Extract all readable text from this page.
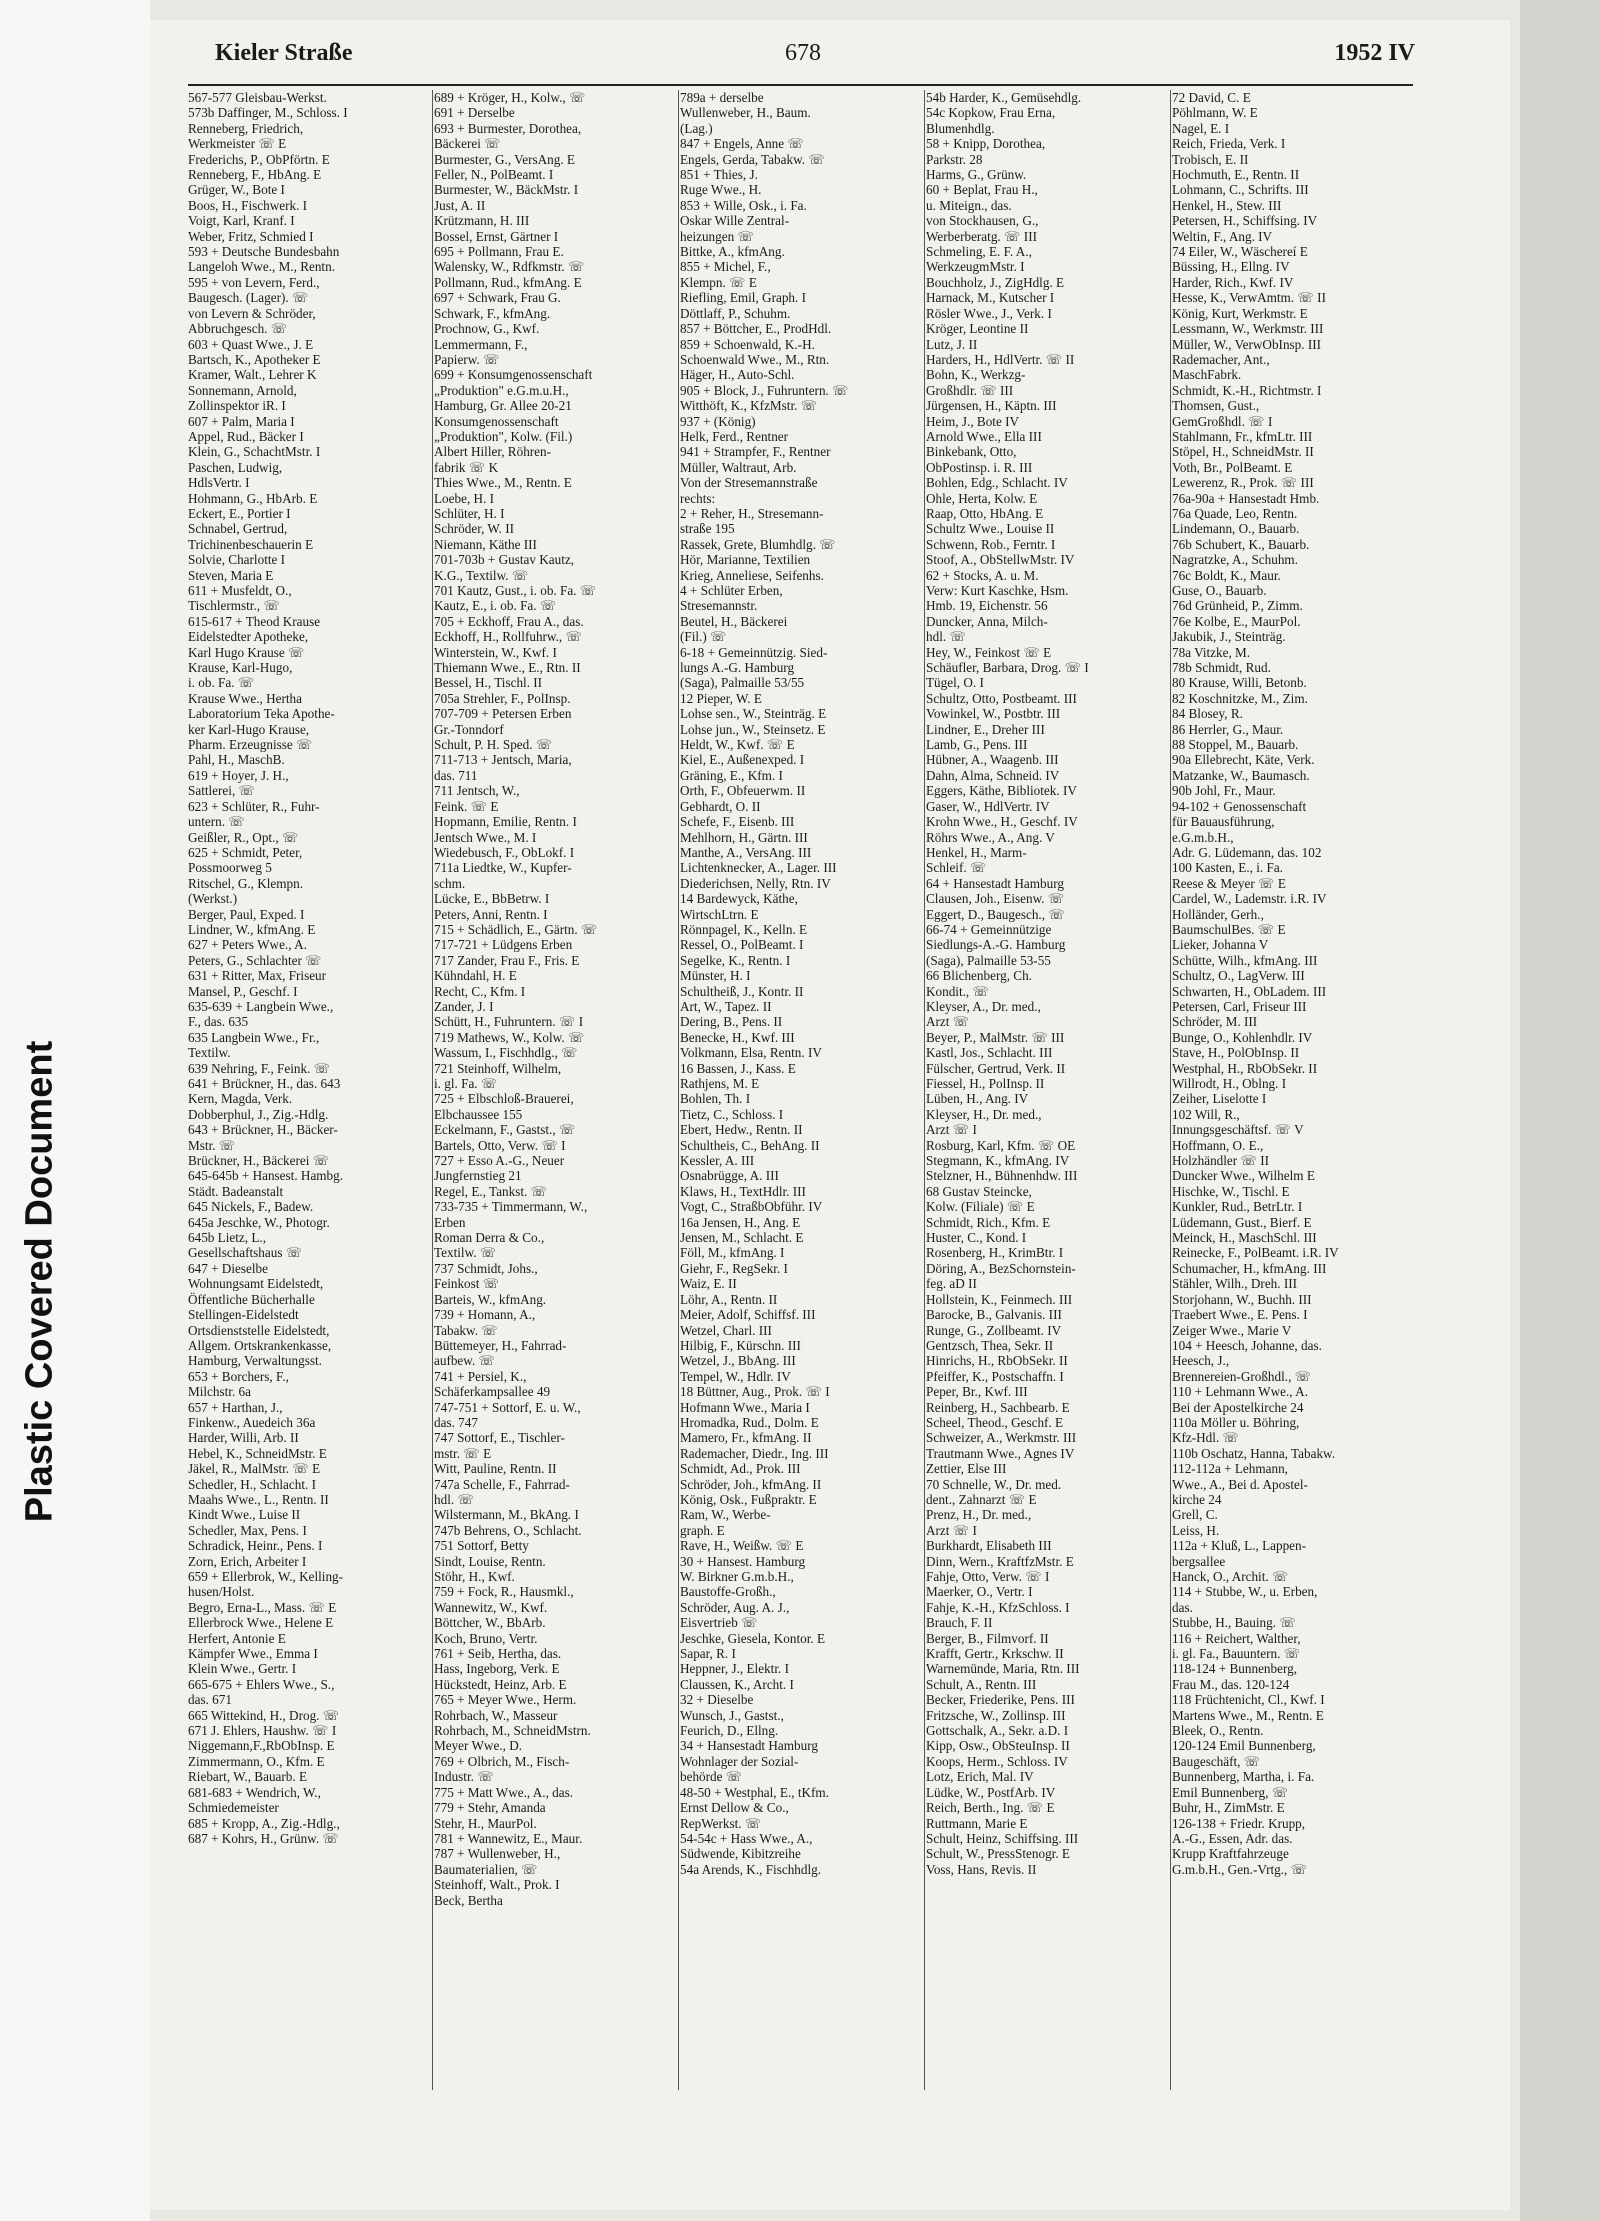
Plastic Covered Document
Kieler Straße	678	1952 IV
567-577 Gleisbau-Werkst.
573b Daffinger, M., Schloss. I
Renneberg, Friedrich,
Werkmeister ☏ E
Frederichs, P., ObPförtn. E
Renneberg, F., HbAng. E
Grüger, W., Bote I
Boos, H., Fischwerk. I
Voigt, Karl, Kranf. I
Weber, Fritz, Schmied I
593 + Deutsche Bundesbahn
Langeloh Wwe., M., Rentn.
595 + von Levern, Ferd.,
Baugesch. (Lager). ☏
von Levern & Schröder,
Abbruchgesch. ☏
603 + Quast Wwe., J. E
Bartsch, K., Apotheker E
Kramer, Walt., Lehrer K
Sonnemann, Arnold,
Zollinspektor iR. I
607 + Palm, Maria I
Appel, Rud., Bäcker I
Klein, G., SchachtMstr. I
Paschen, Ludwig,
HdlsVertr. I
Hohmann, G., HbArb. E
Eckert, E., Portier I
Schnabel, Gertrud,
Trichinenbeschauerin E
Solvie, Charlotte I
Steven, Maria E
611 + Musfeldt, O.,
Tischlermstr., ☏
615-617 + Theod Krause
Eidelstedter Apotheke,
Karl Hugo Krause ☏
Krause, Karl-Hugo,
i. ob. Fa. ☏
Krause Wwe., Hertha
Laboratorium Teka Apothe-
ker Karl-Hugo Krause,
Pharm. Erzeugnisse ☏
Pahl, H., MaschB.
619 + Hoyer, J. H.,
Sattlerei, ☏
623 + Schlüter, R., Fuhr-
untern. ☏
Geißler, R., Opt., ☏
625 + Schmidt, Peter,
Possmoorweg 5
Ritschel, G., Klempn.
(Werkst.)
Berger, Paul, Exped. I
Lindner, W., kfmAng. E
627 + Peters Wwe., A.
Peters, G., Schlachter ☏
631 + Ritter, Max, Friseur
Mansel, P., Geschf. I
635-639 + Langbein Wwe.,
F., das. 635
635 Langbein Wwe., Fr.,
Textilw.
639 Nehring, F., Feink. ☏
641 + Brückner, H., das. 643
Kern, Magda, Verk.
Dobberphul, J., Zig.-Hdlg.
643 + Brückner, H., Bäcker-
Mstr. ☏
Brückner, H., Bäckerei ☏
645-645b + Hansest. Hambg.
Städt. Badeanstalt
645 Nickels, F., Badew.
645a Jeschke, W., Photogr.
645b Lietz, L.,
Gesellschaftshaus ☏
647 + Dieselbe
Wohnungsamt Eidelstedt,
Öffentliche Bücherhalle
Stellingen-Eidelstedt
Ortsdienststelle Eidelstedt,
Allgem. Ortskrankenkasse,
Hamburg, Verwaltungsst.
653 + Borchers, F.,
Milchstr. 6a
657 + Harthan, J.,
Finkenw., Auedeich 36a
Harder, Willi, Arb. II
Hebel, K., SchneidMstr. E
Jäkel, R., MalMstr. ☏ E
Schedler, H., Schlacht. I
Maahs Wwe., L., Rentn. II
Kindt Wwe., Luise II
Schedler, Max, Pens. I
Schradick, Heinr., Pens. I
Zorn, Erich, Arbeiter I
659 + Ellerbrok, W., Kelling-
husen/Holst.
Begro, Erna-L., Mass. ☏ E
Ellerbrock Wwe., Helene E
Herfert, Antonie E
Kämpfer Wwe., Emma I
Klein Wwe., Gertr. I
665-675 + Ehlers Wwe., S.,
das. 671
665 Wittekind, H., Drog. ☏
671 J. Ehlers, Haushw. ☏ I
Niggemann,F.,RbObInsp. E
Zimmermann, O., Kfm. E
Riebart, W., Bauarb. E
681-683 + Wendrich, W.,
Schmiedemeister
685 + Kropp, A., Zig.-Hdlg.,
687 + Kohrs, H., Grünw. ☏
689 + Kröger, H., Kolw., ☏
691 + Derselbe
693 + Burmester, Dorothea,
Bäckerei ☏
Burmester, G., VersAng. E
Feller, N., PolBeamt. I
Burmester, W., BäckMstr. I
Just, A. II
Krützmann, H. III
Bossel, Ernst, Gärtner I
695 + Pollmann, Frau E.
Walensky, W., Rdfkmstr. ☏
Pollmann, Rud., kfmAng. E
697 + Schwark, Frau G.
Schwark, F., kfmAng.
Prochnow, G., Kwf.
Lemmermann, F.,
Papierw. ☏
699 + Konsumgenossenschaft
„Produktion" e.G.m.u.H.,
Hamburg, Gr. Allee 20-21
Konsumgenossenschaft
„Produktion", Kolw. (Fil.)
Albert Hiller, Röhren-
fabrik ☏ K
Thies Wwe., M., Rentn. E
Loebe, H. I
Schlüter, H. I
Schröder, W. II
Niemann, Käthe III
701-703b + Gustav Kautz,
K.G., Textilw. ☏
701 Kautz, Gust., i. ob. Fa. ☏
Kautz, E., i. ob. Fa. ☏
705 + Eckhoff, Frau A., das.
Eckhoff, H., Rollfuhrw., ☏
Winterstein, W., Kwf. I
Thiemann Wwe., E., Rtn. II
Bessel, H., Tischl. II
705a Strehler, F., PolInsp.
707-709 + Petersen Erben
Gr.-Tonndorf
Schult, P. H. Sped. ☏
711-713 + Jentsch, Maria,
das. 711
711 Jentsch, W.,
Feink. ☏ E
Hopmann, Emilie, Rentn. I
Jentsch Wwe., M. I
Wiedebusch, F., ObLokf. I
711a Liedtke, W., Kupfer-
schm.
Lücke, E., BbBetrw. I
Peters, Anni, Rentn. I
715 + Schädlich, E., Gärtn. ☏
717-721 + Lüdgens Erben
717 Zander, Frau F., Fris. E
Kühndahl, H. E
Recht, C., Kfm. I
Zander, J. I
Schütt, H., Fuhruntern. ☏ I
719 Mathews, W., Kolw. ☏
Wassum, I., Fischhdlg., ☏
721 Steinhoff, Wilhelm,
i. gl. Fa. ☏
725 + Elbschloß-Brauerei,
Elbchaussee 155
Eckelmann, F., Gastst., ☏
Bartels, Otto, Verw. ☏ I
727 + Esso A.-G., Neuer
Jungfernstieg 21
Regel, E., Tankst. ☏
733-735 + Timmermann, W.,
Erben
Roman Derra & Co.,
Textilw. ☏
737 Schmidt, Johs.,
Feinkost ☏
Barteis, W., kfmAng.
739 + Homann, A.,
Tabakw. ☏
Büttemeyer, H., Fahrrad-
aufbew. ☏
741 + Persiel, K.,
Schäferkampsallee 49
747-751 + Sottorf, E. u. W.,
das. 747
747 Sottorf, E., Tischler-
mstr. ☏ E
Witt, Pauline, Rentn. II
747a Schelle, F., Fahrrad-
hdl. ☏
Wilstermann, M., BkAng. I
747b Behrens, O., Schlacht.
751 Sottorf, Betty
Sindt, Louise, Rentn.
Stöhr, H., Kwf.
759 + Fock, R., Hausmkl.,
Wannewitz, W., Kwf.
Böttcher, W., BbArb.
Koch, Bruno, Vertr.
761 + Seib, Hertha, das.
Hass, Ingeborg, Verk. E
Hückstedt, Heinz, Arb. E
765 + Meyer Wwe., Herm.
Rohrbach, W., Masseur
Rohrbach, M., SchneidMstrn.
Meyer Wwe., D.
769 + Olbrich, M., Fisch-
Industr. ☏
775 + Matt Wwe., A., das.
779 + Stehr, Amanda
Stehr, H., MaurPol.
781 + Wannewitz, E., Maur.
787 + Wullenweber, H.,
Baumaterialien, ☏
Steinhoff, Walt., Prok. I
Beck, Bertha
789a + derselbe
Wullenweber, H., Baum.
(Lag.)
847 + Engels, Anne ☏
Engels, Gerda, Tabakw. ☏
851 + Thies, J.
Ruge Wwe., H.
853 + Wille, Osk., i. Fa.
Oskar Wille Zentral-
heizungen ☏
Bittke, A., kfmAng.
855 + Michel, F.,
Klempn. ☏ E
Riefling, Emil, Graph. I
Döttlaff, P., Schuhm.
857 + Böttcher, E., ProdHdl.
859 + Schoenwald, K.-H.
Schoenwald Wwe., M., Rtn.
Häger, H., Auto-Schl.
905 + Block, J., Fuhruntern. ☏
Witthöft, K., KfzMstr. ☏
937 + (König)
Helk, Ferd., Rentner
941 + Strampfer, F., Rentner
Müller, Waltraut, Arb.
Von der Stresemannstraße
rechts:
2 + Reher, H., Stresemann-
straße 195
Rassek, Grete, Blumhdlg. ☏
Hör, Marianne, Textilien
Krieg, Anneliese, Seifenhs.
4 + Schlüter Erben,
Stresemannstr.
Beutel, H., Bäckerei
(Fil.) ☏
6-18 + Gemeinnützig. Sied-
lungs A.-G. Hamburg
(Saga), Palmaille 53/55
12 Pieper, W. E
Lohse sen., W., Steinträg. E
Lohse jun., W., Steinsetz. E
Heldt, W., Kwf. ☏ E
Kiel, E., Außenexped. I
Gräning, E., Kfm. I
Orth, F., Obfeuerwm. II
Gebhardt, O. II
Schefe, F., Eisenb. III
Mehlhorn, H., Gärtn. III
Manthe, A., VersAng. III
Lichtenknecker, A., Lager. III
Diederichsen, Nelly, Rtn. IV
14 Bardewyck, Käthe,
WirtschLtrn. E
Rönnpagel, K., Kelln. E
Ressel, O., PolBeamt. I
Segelke, K., Rentn. I
Münster, H. I
Schultheiß, J., Kontr. II
Art, W., Tapez. II
Dering, B., Pens. II
Benecke, H., Kwf. III
Volkmann, Elsa, Rentn. IV
16 Bassen, J., Kass. E
Rathjens, M. E
Bohlen, Th. I
Tietz, C., Schloss. I
Ebert, Hedw., Rentn. II
Schultheis, C., BehAng. II
Kessler, A. III
Osnabrügge, A. III
Klaws, H., TextHdlr. III
Vogt, C., StraßbObführ. IV
16a Jensen, H., Ang. E
Jensen, M., Schlacht. E
Föll, M., kfmAng. I
Giehr, F., RegSekr. I
Waiz, E. II
Löhr, A., Rentn. II
Meier, Adolf, Schiffsf. III
Wetzel, Charl. III
Hilbig, F., Kürschn. III
Wetzel, J., BbAng. III
Tempel, W., Hdlr. IV
18 Büttner, Aug., Prok. ☏ I
Hofmann Wwe., Maria I
Hromadka, Rud., Dolm. E
Mamero, Fr., kfmAng. II
Rademacher, Diedr., Ing. III
Schmidt, Ad., Prok. III
Schröder, Joh., kfmAng. II
König, Osk., Fußpraktr. E
Ram, W., Werbe-
graph. E
Rave, H., Weißw. ☏ E
30 + Hansest. Hamburg
W. Birkner G.m.b.H.,
Baustoffe-Großh.,
Schröder, Aug. A. J.,
Eisvertrieb ☏
Jeschke, Giesela, Kontor. E
Sapar, R. I
Heppner, J., Elektr. I
Claussen, K., Archt. I
32 + Dieselbe
Wunsch, J., Gastst.,
Feurich, D., Ellng.
34 + Hansestadt Hamburg
Wohnlager der Sozial-
behörde ☏
48-50 + Westphal, E., tKfm.
Ernst Dellow & Co.,
RepWerkst. ☏
54-54c + Hass Wwe., A.,
Südwende, Kibitzreihe
54a Arends, K., Fischhdlg.
54b Harder, K., Gemüsehdlg.
54c Kopkow, Frau Erna,
Blumenhdlg.
58 + Knipp, Dorothea,
Parkstr. 28
Harms, G., Grünw.
60 + Beplat, Frau H.,
u. Miteign., das.
von Stockhausen, G.,
Werberberatg. ☏ III
Schmeling, E. F. A.,
WerkzeugmMstr. I
Bouchholz, J., ZigHdlg. E
Harnack, M., Kutscher I
Rösler Wwe., J., Verk. I
Kröger, Leontine II
Lutz, J. II
Harders, H., HdlVertr. ☏ II
Bohn, K., Werkzg-
Großhdlr. ☏ III
Jürgensen, H., Käptn. III
Heim, J., Bote IV
Arnold Wwe., Ella III
Binkebank, Otto,
ObPostinsp. i. R. III
Bohlen, Edg., Schlacht. IV
Ohle, Herta, Kolw. E
Raap, Otto, HbAng. E
Schultz Wwe., Louise II
Schwenn, Rob., Ferntr. I
Stoof, A., ObStellwMstr. IV
62 + Stocks, A. u. M.
Verw: Kurt Kaschke, Hsm.
Hmb. 19, Eichenstr. 56
Duncker, Anna, Milch-
hdl. ☏
Hey, W., Feinkost ☏ E
Schäufler, Barbara, Drog. ☏ I
Tügel, O. I
Schultz, Otto, Postbeamt. III
Vowinkel, W., Postbtr. III
Lindner, E., Dreher III
Lamb, G., Pens. III
Hübner, A., Waagenb. III
Dahn, Alma, Schneid. IV
Eggers, Käthe, Bibliotek. IV
Gaser, W., HdlVertr. IV
Krohn Wwe., H., Geschf. IV
Röhrs Wwe., A., Ang. V
Henkel, H., Marm-
Schleif. ☏
64 + Hansestadt Hamburg
Clausen, Joh., Eisenw. ☏
Eggert, D., Baugesch., ☏
66-74 + Gemeinnützige
Siedlungs-A.-G. Hamburg
(Saga), Palmaille 53-55
66 Blichenberg, Ch.
Kondit., ☏
Kleyser, A., Dr. med.,
Arzt ☏
Beyer, P., MalMstr. ☏ III
Kastl, Jos., Schlacht. III
Fülscher, Gertrud, Verk. II
Fiessel, H., PolInsp. II
Lüben, H., Ang. IV
Kleyser, H., Dr. med.,
Arzt ☏ I
Rosburg, Karl, Kfm. ☏ OE
Stegmann, K., kfmAng. IV
Stelzner, H., Bühnenhdw. III
68 Gustav Steincke,
Kolw. (Filiale) ☏ E
Schmidt, Rich., Kfm. E
Huster, C., Kond. I
Rosenberg, H., KrimBtr. I
Döring, A., BezSchornstein-
feg. aD II
Hollstein, K., Feinmech. III
Barocke, B., Galvanis. III
Runge, G., Zollbeamt. IV
Gentzsch, Thea, Sekr. II
Hinrichs, H., RbObSekr. II
Pfeiffer, K., Postschaffn. I
Peper, Br., Kwf. III
Reinberg, H., Sachbearb. E
Scheel, Theod., Geschf. E
Schweizer, A., Werkmstr. III
Trautmann Wwe., Agnes IV
Zettier, Else III
70 Schnelle, W., Dr. med.
dent., Zahnarzt ☏ E
Prenz, H., Dr. med.,
Arzt ☏ I
Burkhardt, Elisabeth III
Dinn, Wern., KraftfzMstr. E
Fahje, Otto, Verw. ☏ I
Maerker, O., Vertr. I
Fahje, K.-H., KfzSchloss. I
Brauch, F. II
Berger, B., Filmvorf. II
Krafft, Gertr., Krkschw. II
Warnemünde, Maria, Rtn. III
Schult, A., Rentn. III
Becker, Friederike, Pens. III
Fritzsche, W., Zollinsp. III
Gottschalk, A., Sekr. a.D. I
Kipp, Osw., ObSteuInsp. II
Koops, Herm., Schloss. IV
Lotz, Erich, Mal. IV
Lüdke, W., PostfArb. IV
Reich, Berth., Ing. ☏ E
Ruttmann, Marie E
Schult, Heinz, Schiffsing. III
Schult, W., PressStenogr. E
Voss, Hans, Revis. II
72 David, C. E
Pöhlmann, W. E
Nagel, E. I
Reich, Frieda, Verk. I
Trobisch, E. II
Hochmuth, E., Rentn. II
Lohmann, C., Schrifts. III
Henkel, H., Stew. III
Petersen, H., Schiffsing. IV
Weltin, F., Ang. IV
74 Eiler, W., Wäschereí E
Büssing, H., Ellng. IV
Harder, Rich., Kwf. IV
Hesse, K., VerwAmtm. ☏ II
König, Kurt, Werkmstr. E
Lessmann, W., Werkmstr. III
Müller, W., VerwObInsp. III
Rademacher, Ant.,
MaschFabrk.
Schmidt, K.-H., Richtmstr. I
Thomsen, Gust.,
GemGroßhdl. ☏ I
Stahlmann, Fr., kfmLtr. III
Stöpel, H., SchneidMstr. II
Voth, Br., PolBeamt. E
Lewerenz, R., Prok. ☏ III
76a-90a + Hansestadt Hmb.
76a Quade, Leo, Rentn.
Lindemann, O., Bauarb.
76b Schubert, K., Bauarb.
Nagratzke, A., Schuhm.
76c Boldt, K., Maur.
Guse, O., Bauarb.
76d Grünheid, P., Zimm.
76e Kolbe, E., MaurPol.
Jakubik, J., Steinträg.
78a Vitzke, M.
78b Schmidt, Rud.
80 Krause, Willi, Betonb.
82 Koschnitzke, M., Zim.
84 Blosey, R.
86 Herrler, G., Maur.
88 Stoppel, M., Bauarb.
90a Ellebrecht, Käte, Verk.
Matzanke, W., Baumasch.
90b Johl, Fr., Maur.
94-102 + Genossenschaft
für Bauausführung,
e.G.m.b.H.,
Adr. G. Lüdemann, das. 102
100 Kasten, E., i. Fa.
Reese & Meyer ☏ E
Cardel, W., Lademstr. i.R. IV
Holländer, Gerh.,
BaumschulBes. ☏ E
Lieker, Johanna V
Schütte, Wilh., kfmAng. III
Schultz, O., LagVerw. III
Schwarten, H., ObLadem. III
Petersen, Carl, Friseur III
Schröder, M. III
Bunge, O., Kohlenhdlr. IV
Stave, H., PolObInsp. II
Westphal, H., RbObSekr. II
Willrodt, H., Oblng. I
Zeiher, Liselotte I
102 Will, R.,
Innungsgeschäftsf. ☏ V
Hoffmann, O. E.,
Holzhändler ☏ II
Duncker Wwe., Wilhelm E
Hischke, W., Tischl. E
Kunkler, Rud., BetrLtr. I
Lüdemann, Gust., Bierf. E
Meinck, H., MaschSchl. III
Reinecke, F., PolBeamt. i.R. IV
Schumacher, H., kfmAng. III
Stähler, Wilh., Dreh. III
Storjohann, W., Buchh. III
Traebert Wwe., E. Pens. I
Zeiger Wwe., Marie V
104 + Heesch, Johanne, das.
Heesch, J.,
Brennereien-Großhdl., ☏
110 + Lehmann Wwe., A.
Bei der Apostelkirche 24
110a Möller u. Böhring,
Kfz-Hdl. ☏
110b Oschatz, Hanna, Tabakw.
112-112a + Lehmann,
Wwe., A., Bei d. Apostel-
kirche 24
Grell, C.
Leiss, H.
112a + Kluß, L., Lappen-
bergsallee
Hanck, O., Archit. ☏
114 + Stubbe, W., u. Erben,
das.
Stubbe, H., Bauing. ☏
116 + Reichert, Walther,
i. gl. Fa., Bauuntern. ☏
118-124 + Bunnenberg,
Frau M., das. 120-124
118 Früchtenicht, Cl., Kwf. I
Martens Wwe., M., Rentn. E
Bleek, O., Rentn.
120-124 Emil Bunnenberg,
Baugeschäft, ☏
Bunnenberg, Martha, i. Fa.
Emil Bunnenberg, ☏
Buhr, H., ZimMstr. E
126-138 + Friedr. Krupp,
A.-G., Essen, Adr. das.
Krupp Kraftfahrzeuge
G.m.b.H., Gen.-Vrtg., ☏
